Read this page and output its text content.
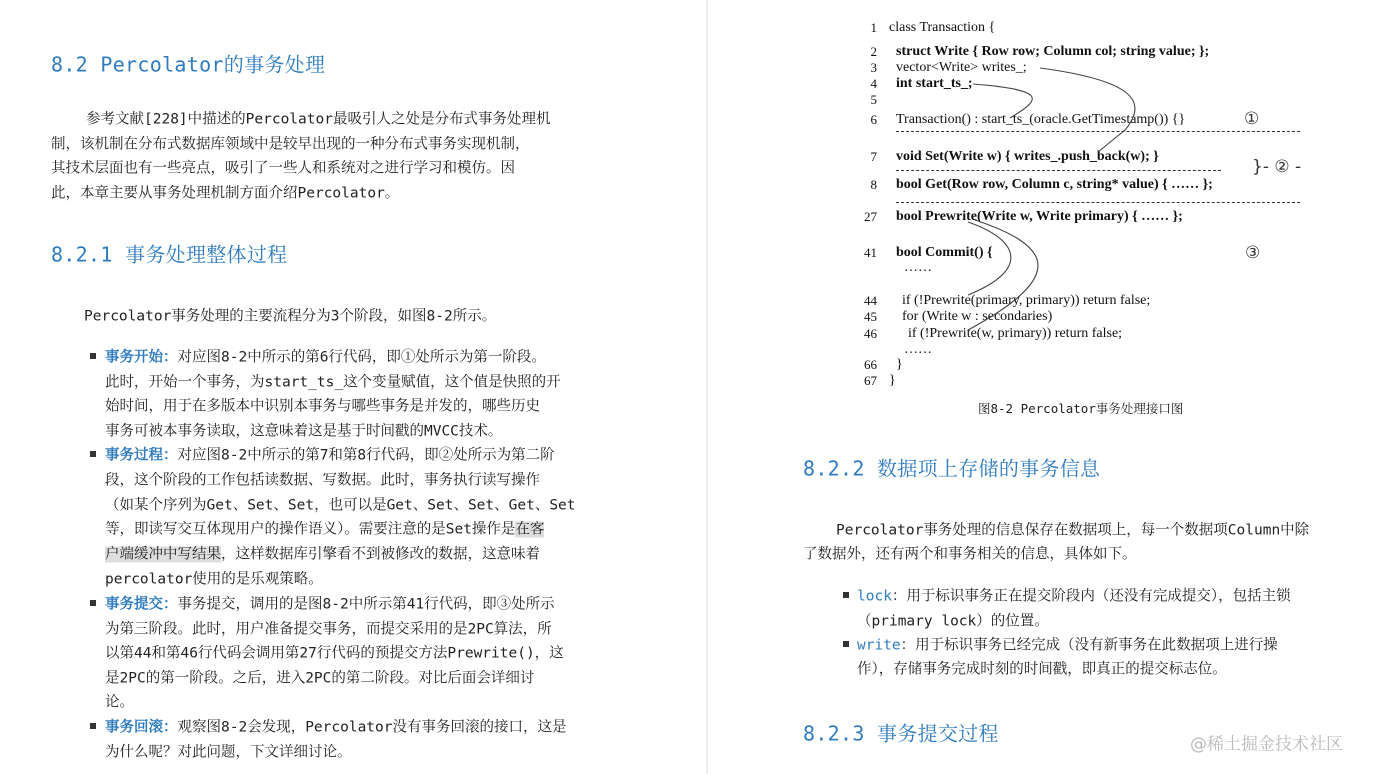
8.2 Percolator的事务处理
参考文献[228]中描述的Percolator最吸引人之处是分布式事务处理机
制，该机制在分布式数据库领域中是较早出现的一种分布式事务实现机制，
其技术层面也有一些亮点，吸引了一些人和系统对之进行学习和模仿。因
此，本章主要从事务处理机制方面介绍Percolator。
8.2.1 事务处理整体过程
Percolator事务处理的主要流程分为3个阶段，如图8-2所示。
事务开始：对应图8-2中所示的第6行代码，即①处所示为第一阶段。
此时，开始一个事务，为start_ts_这个变量赋值，这个值是快照的开
始时间，用于在多版本中识别本事务与哪些事务是并发的，哪些历史
事务可被本事务读取，这意味着这是基于时间戳的MVCC技术。
事务过程：对应图8-2中所示的第7和第8行代码，即②处所示为第二阶
段，这个阶段的工作包括读数据、写数据。此时，事务执行读写操作
（如某个序列为Get、Set、Set，也可以是Get、Set、Set、Get、Set
等，即读写交互体现用户的操作语义）。需要注意的是Set操作是在客
户端缓冲中写结果，这样数据库引擎看不到被修改的数据，这意味着
percolator使用的是乐观策略。
事务提交：事务提交，调用的是图8-2中所示第41行代码，即③处所示
为第三阶段。此时，用户准备提交事务，而提交采用的是2PC算法，所
以第44和第46行代码会调用第27行代码的预提交方法Prewrite()，这
是2PC的第一阶段。之后，进入2PC的第二阶段。对比后面会详细讨
论。
事务回滚：观察图8-2会发现，Percolator没有事务回滚的接口，这是
为什么呢？对此问题，下文详细讨论。
1 class Transaction {
2 struct Write { Row row; Column col; string value; };
3 vector<Write> writes_;
4 int start_ts_;
5
6 Transaction() : start_ts_(oracle.GetTimestamp()) {}
7 void Set(Write w) { writes_.push_back(w); }
8 bool Get(Row row, Column c, string* value) { …… };
27 bool Prewrite(Write w, Write primary) { …… };
41 bool Commit() {
……
44 if (!Prewrite(primary, primary)) return false;
45 for (Write w : secondaries)
46 if (!Prewrite(w, primary)) return false;
……
66 }
67 }
①
}- ② -
③
图8-2 Percolator事务处理接口图
8.2.2 数据项上存储的事务信息
Percolator事务处理的信息保存在数据项上，每一个数据项Column中除
了数据外，还有两个和事务相关的信息，具体如下。
lock：用于标识事务正在提交阶段内（还没有完成提交），包括主锁
（primary lock）的位置。
write：用于标识事务已经完成（没有新事务在此数据项上进行操
作），存储事务完成时刻的时间戳，即真正的提交标志位。
8.2.3 事务提交过程	@稀土掘金技术社区
